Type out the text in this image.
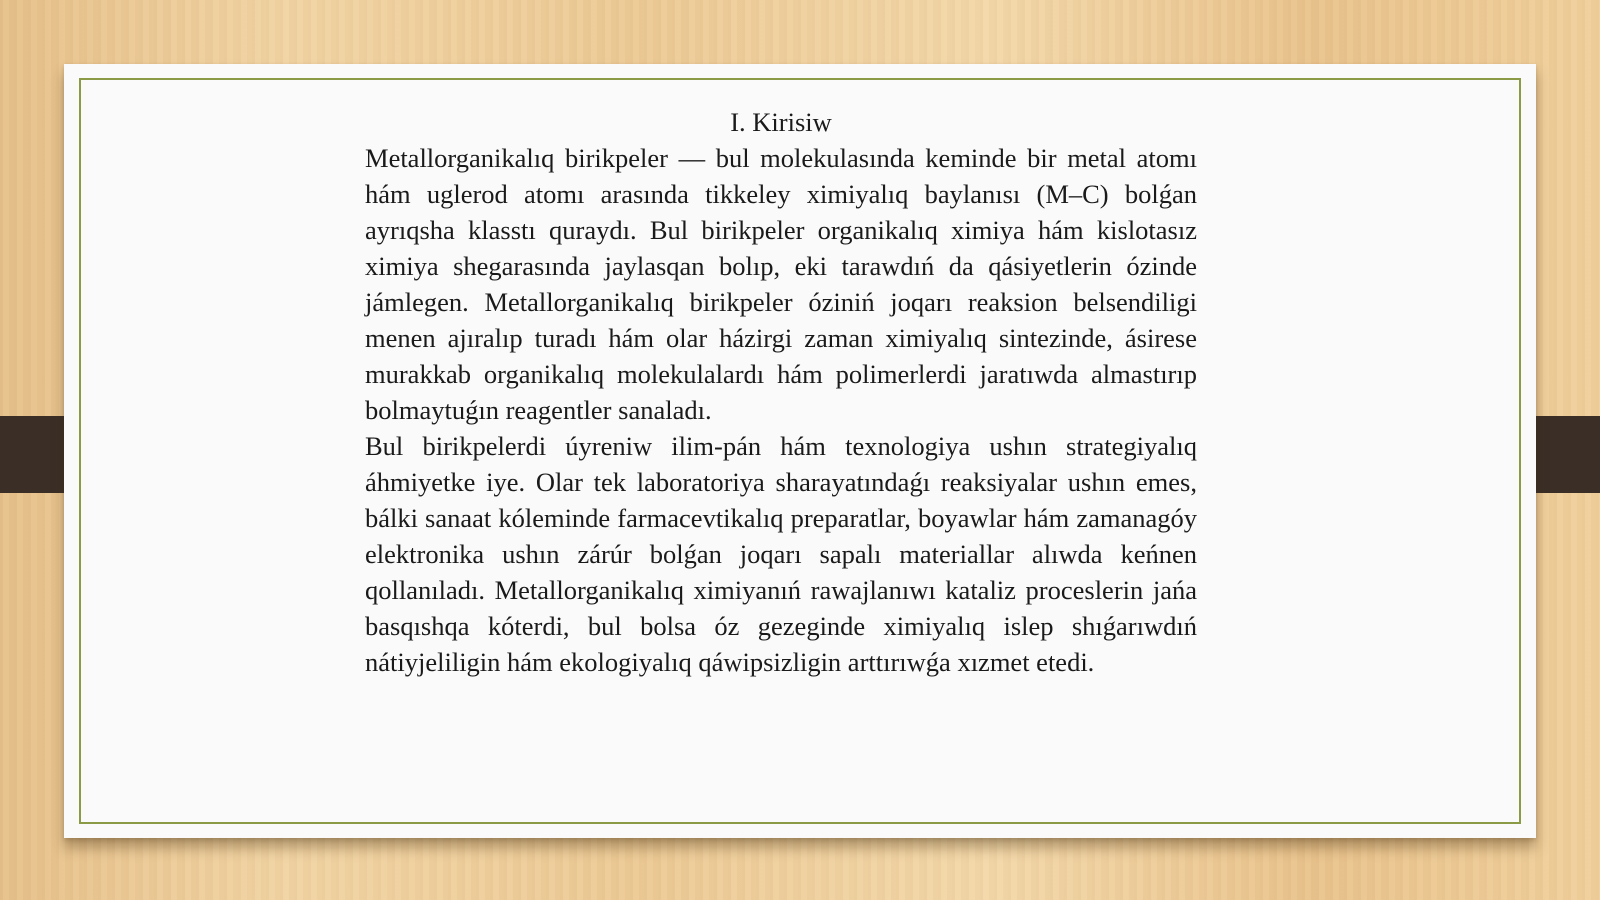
I. Kirisiw

Metallorganikalıq birikpeler — bul molekulasında keminde bir metal atomı hám uglerod atomı arasında tikkeley ximiyalıq baylanısı (M–C) bolǵan ayrıqsha klasstı quraydı. Bul birikpeler organikalıq ximiya hám kislotasız ximiya shegarasında jaylasqan bolıp, eki tarawdıń da qásiyetlerin ózinde jámlegen. Metallorganikalıq birikpeler óziniń joqarı reaksion belsendiligi menen ajıralıp turadı hám olar házirgi zaman ximiyalıq sintezinde, ásirese murakkab organikalıq molekulalardı hám polimerlerdi jaratıwda almastırıp bolmaytuǵın reagentler sanaladı.

Bul birikpelerdi úyreniw ilim-pán hám texnologiya ushın strategiyalıq áhmiyetke iye. Olar tek laboratoriya sharayatındaǵı reaksiyalar ushın emes, bálki sanaat kóleminde farmacevtikalıq preparatlar, boyawlar hám zamanagóy elektronika ushın zárúr bolǵan joqarı sapalı materiallar alıwda keńnen qollanıladı. Metallorganikalıq ximiyanıń rawajlanıwı kataliz proceslerin jańa basqıshqa kóterdi, bul bolsa óz gezeginde ximiyalıq islep shıǵarıwdıń nátiyjeliligin hám ekologiyalıq qáwipsizligin arttırıwǵa xızmet etedi.
